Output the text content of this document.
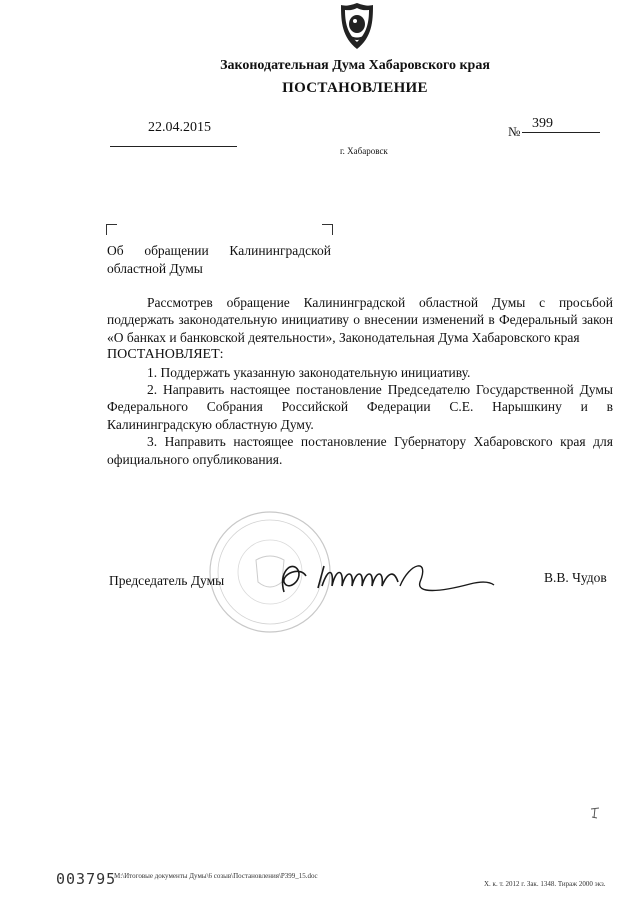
Законодательная Дума Хабаровского края
ПОСТАНОВЛЕНИЕ
22.04.2015	№
399
г. Хабаровск
Об обращении Калининградской областной Думы

Рассмотрев обращение Калининградской областной Думы с просьбой поддержать законодательную инициативу о внесении изменений в Федеральный закон «О банках и банковской деятельности», Законодательная Дума Хабаровского края

ПОСТАНОВЛЯЕТ:

1. Поддержать указанную законодательную инициативу.

2. Направить настоящее постановление Председателю Государственной Думы Федерального Собрания Российской Федерации С.Е. Нарышкину и в Калининградскую областную Думу.

3. Направить настоящее постановление Губернатору Хабаровского края для официального опубликования.

Председатель Думы	В.В. Чудов
003795
M:\Итоговые документы Думы\6 созыв\Постановления\P399_15.doc
Х. к. т. 2012 г. Зак. 1348. Тираж 2000 экз.
